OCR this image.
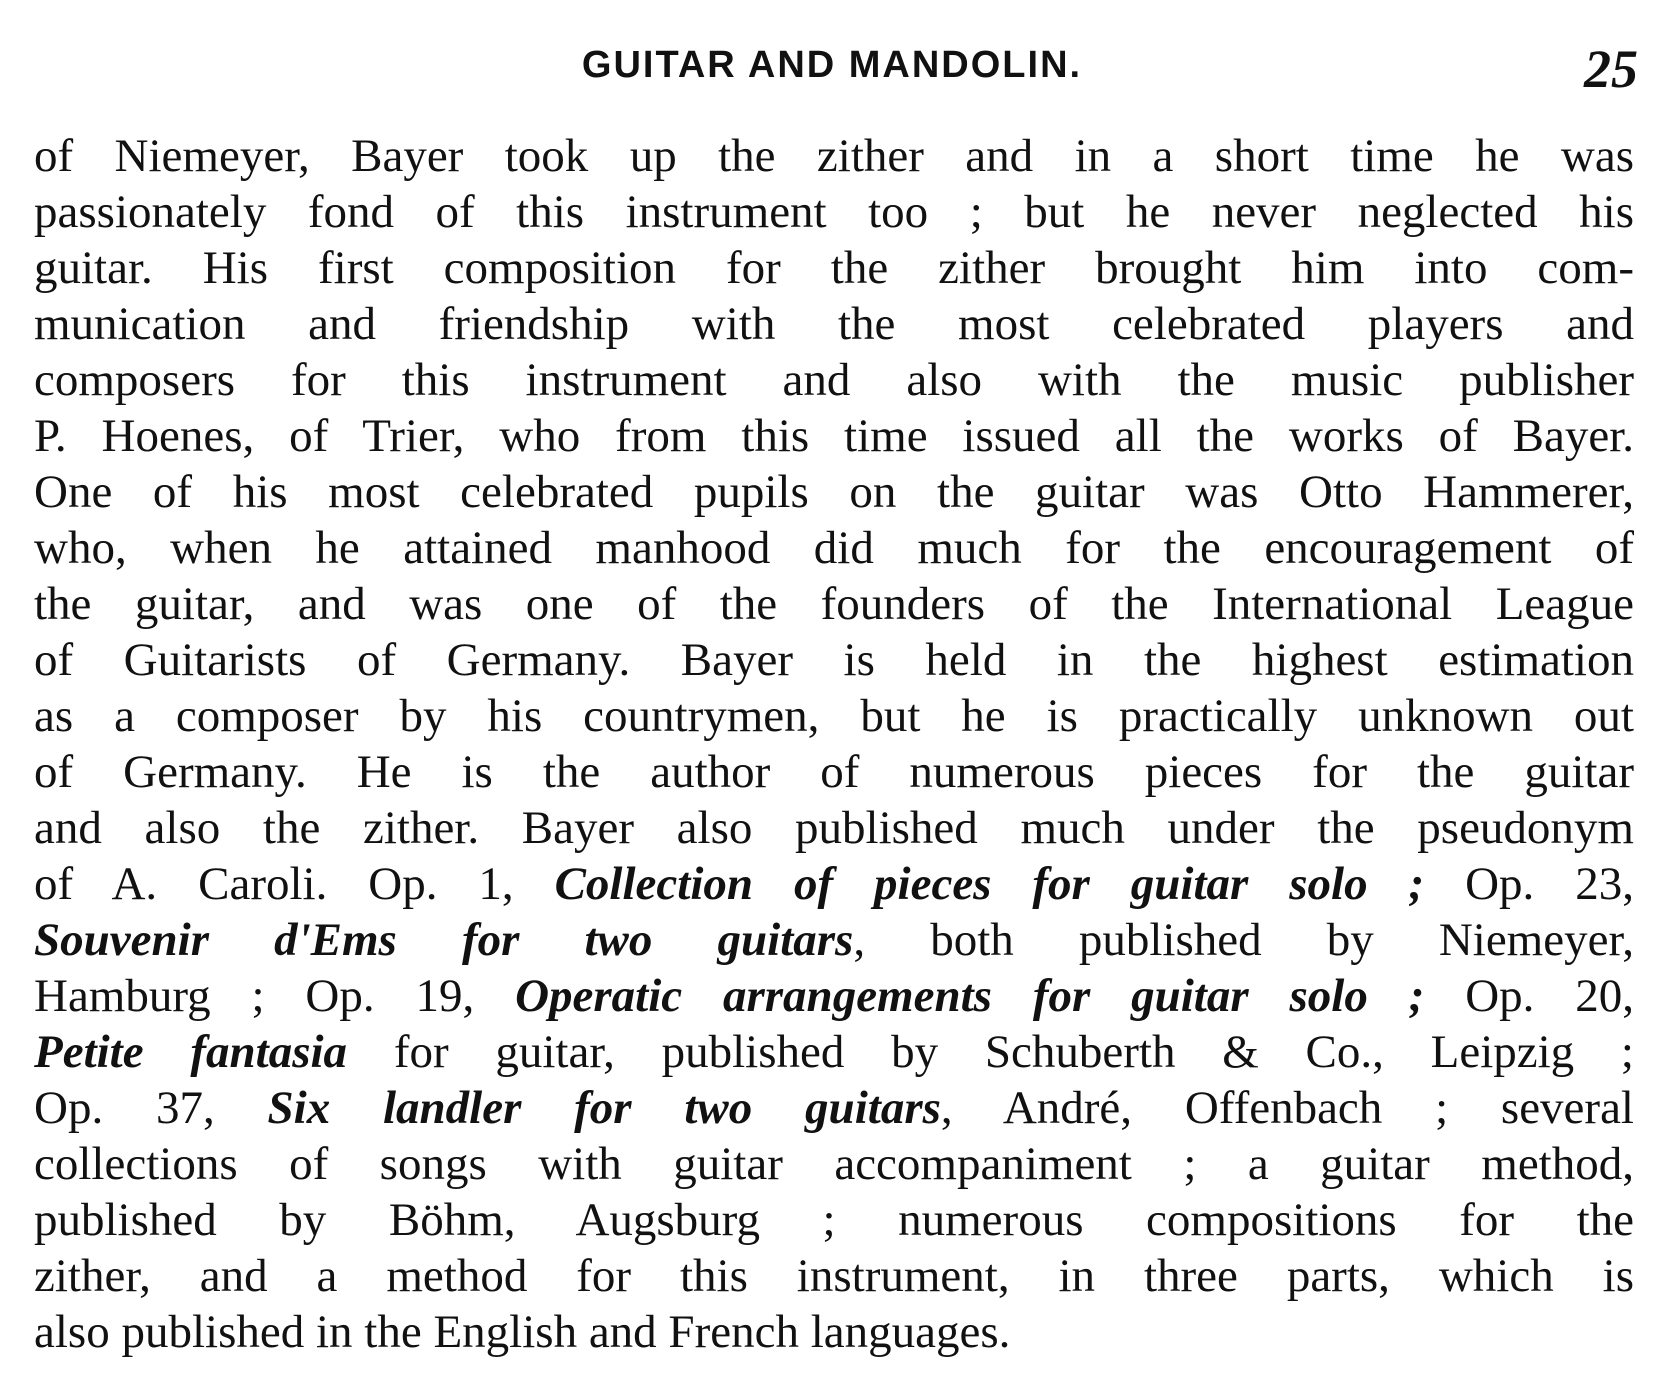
GUITAR AND MANDOLIN.	25
of Niemeyer, Bayer took up the zither and in a short time he was
passionately fond of this instrument too ; but he never neglected his
guitar. His first composition for the zither brought him into com-
munication and friendship with the most celebrated players and
composers for this instrument and also with the music publisher
P. Hoenes, of Trier, who from this time issued all the works of Bayer.
One of his most celebrated pupils on the guitar was Otto Hammerer,
who, when he attained manhood did much for the encouragement of
the guitar, and was one of the founders of the International League
of Guitarists of Germany. Bayer is held in the highest estimation
as a composer by his countrymen, but he is practically unknown out
of Germany. He is the author of numerous pieces for the guitar
and also the zither. Bayer also published much under the pseudonym
of A. Caroli. Op. 1, Collection of pieces for guitar solo ; Op. 23,
Souvenir d'Ems for two guitars, both published by Niemeyer,
Hamburg ; Op. 19, Operatic arrangements for guitar solo ; Op. 20,
Petite fantasia for guitar, published by Schuberth & Co., Leipzig ;
Op. 37, Six landler for two guitars, André, Offenbach ; several
collections of songs with guitar accompaniment ; a guitar method,
published by Böhm, Augsburg ; numerous compositions for the
zither, and a method for this instrument, in three parts, which is
also published in the English and French languages.
